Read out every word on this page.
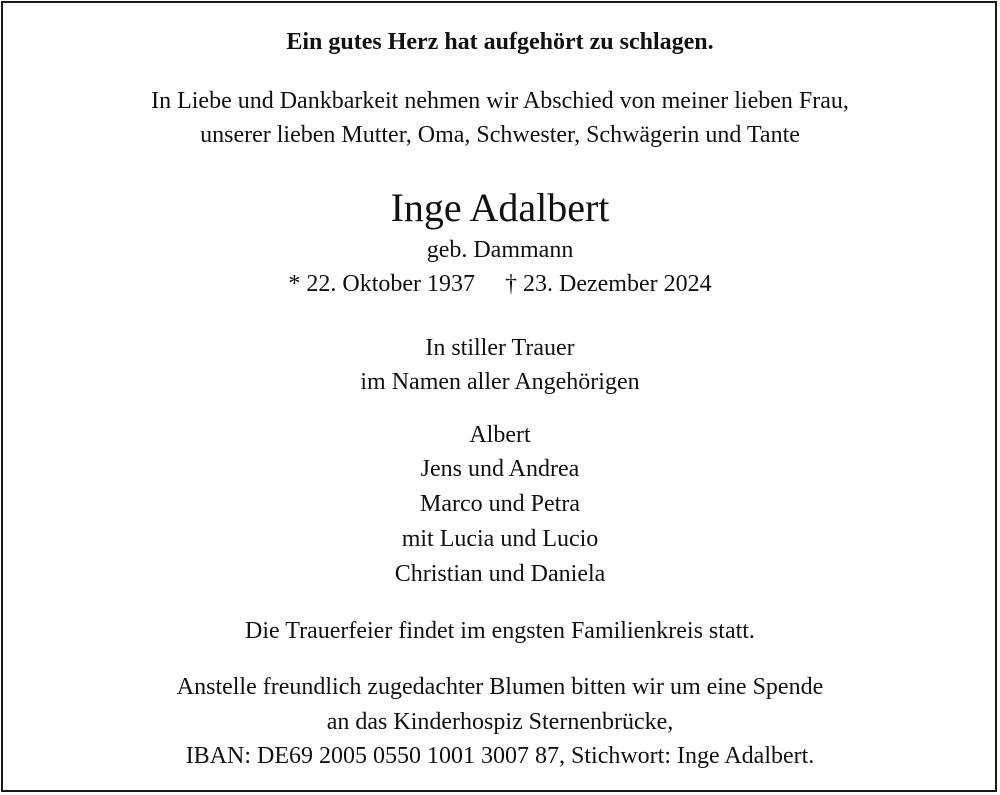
Ein gutes Herz hat aufgehört zu schlagen.
In Liebe und Dankbarkeit nehmen wir Abschied von meiner lieben Frau,
unserer lieben Mutter, Oma, Schwester, Schwägerin und Tante
Inge Adalbert
geb. Dammann
* 22. Oktober 1937 † 23. Dezember 2024
In stiller Trauer
im Namen aller Angehörigen
Albert
Jens und Andrea
Marco und Petra
mit Lucia und Lucio
Christian und Daniela
Die Trauerfeier findet im engsten Familienkreis statt.
Anstelle freundlich zugedachter Blumen bitten wir um eine Spende
an das Kinderhospiz Sternenbrücke,
IBAN: DE69 2005 0550 1001 3007 87, Stichwort: Inge Adalbert.
